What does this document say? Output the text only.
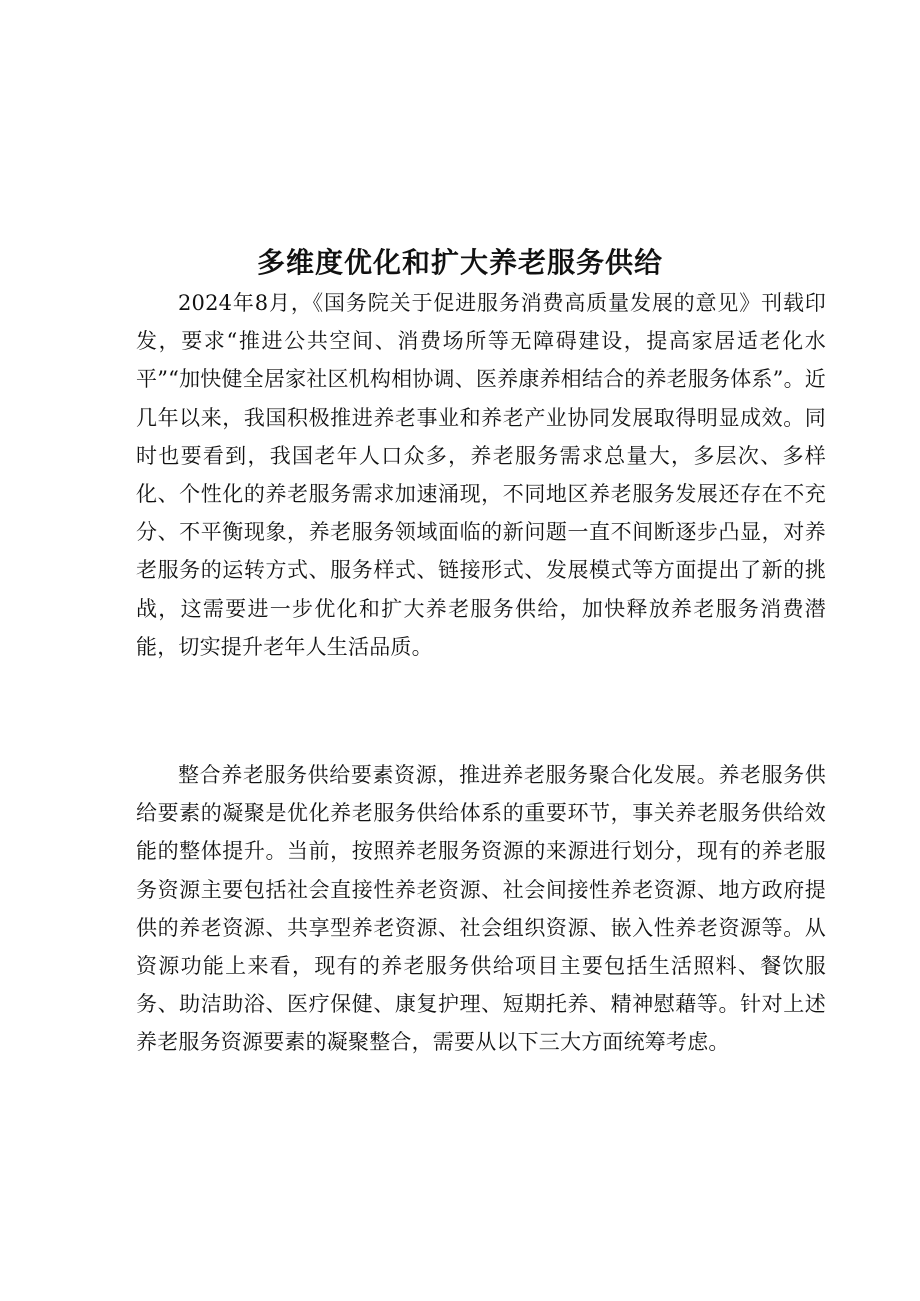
多维度优化和扩大养老服务供给

2024年8月，《国务院关于促进服务消费高质量发展的意见》刊载印发，要求“推进公共空间、消费场所等无障碍建设，提高家居适老化水平”“加快健全居家社区机构相协调、医养康养相结合的养老服务体系”。近几年以来，我国积极推进养老事业和养老产业协同发展取得明显成效。同时也要看到，我国老年人口众多，养老服务需求总量大，多层次、多样化、个性化的养老服务需求加速涌现，不同地区养老服务发展还存在不充分、不平衡现象，养老服务领域面临的新问题一直不间断逐步凸显，对养老服务的运转方式、服务样式、链接形式、发展模式等方面提出了新的挑战，这需要进一步优化和扩大养老服务供给，加快释放养老服务消费潜能，切实提升老年人生活品质。

整合养老服务供给要素资源，推进养老服务聚合化发展。养老服务供给要素的凝聚是优化养老服务供给体系的重要环节，事关养老服务供给效能的整体提升。当前，按照养老服务资源的来源进行划分，现有的养老服务资源主要包括社会直接性养老资源、社会间接性养老资源、地方政府提供的养老资源、共享型养老资源、社会组织资源、嵌入性养老资源等。从资源功能上来看，现有的养老服务供给项目主要包括生活照料、餐饮服务、助洁助浴、医疗保健、康复护理、短期托养、精神慰藉等。针对上述养老服务资源要素的凝聚整合，需要从以下三大方面统筹考虑。
